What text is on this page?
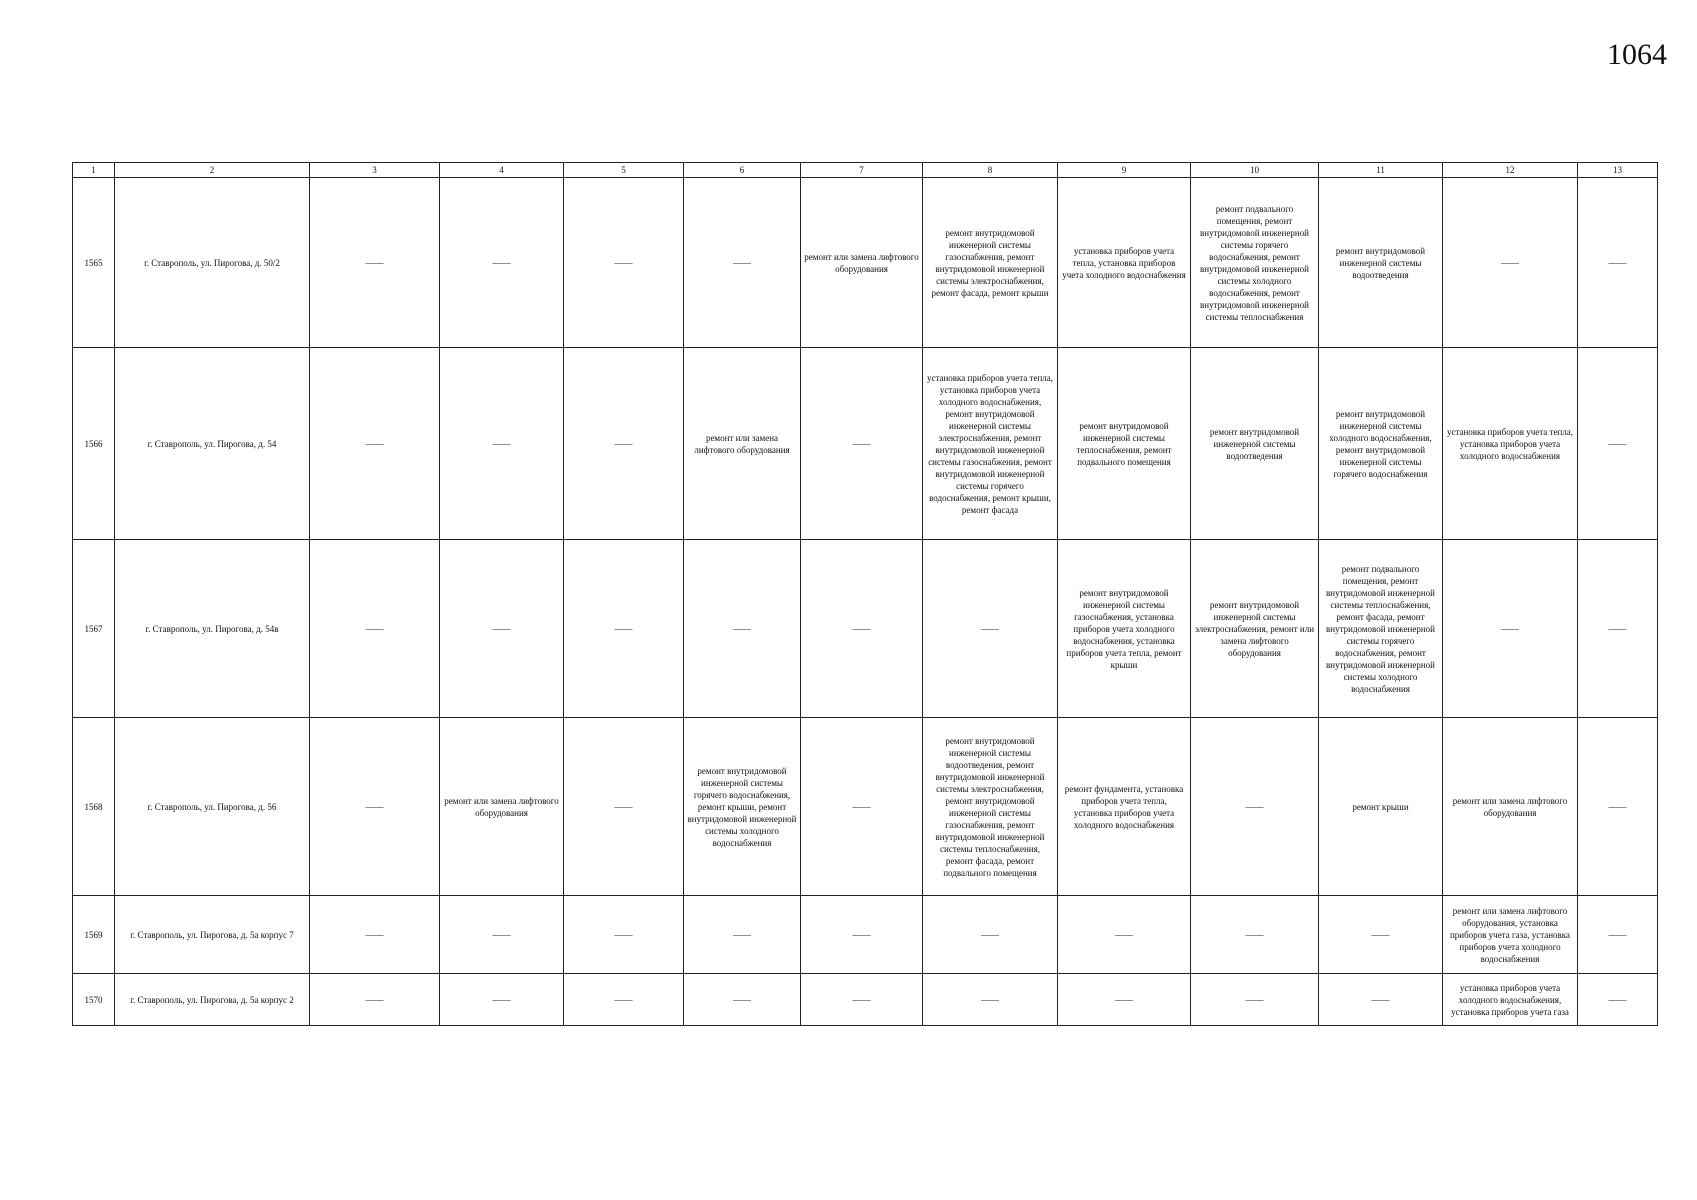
1064
1	2	3	4	5	6	7	8	9	10	11	12	13
1565	г. Ставрополь, ул. Пирогова, д. 50/2	——	——	——	——	ремонт или замена лифтового оборудования	ремонт внутридомовой инженерной системы газоснабжения, ремонт внутридомовой инженерной системы электроснабжения, ремонт фасада, ремонт крыши	установка приборов учета тепла, установка приборов учета холодного водоснабжения	ремонт подвального помещения, ремонт внутридомовой инженерной системы горячего водоснабжения, ремонт внутридомовой инженерной системы холодного водоснабжения, ремонт внутридомовой инженерной системы теплоснабжения	ремонт внутридомовой инженерной системы водоотведения	——	——
1566	г. Ставрополь, ул. Пирогова, д. 54	——	——	——	ремонт или замена лифтового оборудования	——	установка приборов учета тепла, установка приборов учета холодного водоснабжения, ремонт внутридомовой инженерной системы электроснабжения, ремонт внутридомовой инженерной системы газоснабжения, ремонт внутридомовой инженерной системы горячего водоснабжения, ремонт крыши, ремонт фасада	ремонт внутридомовой инженерной системы теплоснабжения, ремонт подвального помещения	ремонт внутридомовой инженерной системы водоотведения	ремонт внутридомовой инженерной системы холодного водоснабжения, ремонт внутридомовой инженерной системы горячего водоснабжения	установка приборов учета тепла, установка приборов учета холодного водоснабжения	——
1567	г. Ставрополь, ул. Пирогова, д. 54в	——	——	——	——	——	——	ремонт внутридомовой инженерной системы газоснабжения, установка приборов учета холодного водоснабжения, установка приборов учета тепла, ремонт крыши	ремонт внутридомовой инженерной системы электроснабжения, ремонт или замена лифтового оборудования	ремонт подвального помещения, ремонт внутридомовой инженерной системы теплоснабжения, ремонт фасада, ремонт внутридомовой инженерной системы горячего водоснабжения, ремонт внутридомовой инженерной системы холодного водоснабжения	——	——
1568	г. Ставрополь, ул. Пирогова, д. 56	——	ремонт или замена лифтового оборудования	——	ремонт внутридомовой инженерной системы горячего водоснабжения, ремонт крыши, ремонт внутридомовой инженерной системы холодного водоснабжения	——	ремонт внутридомовой инженерной системы водоотведения, ремонт внутридомовой инженерной системы электроснабжения, ремонт внутридомовой инженерной системы газоснабжения, ремонт внутридомовой инженерной системы теплоснабжения, ремонт фасада, ремонт подвального помещения	ремонт фундамента, установка приборов учета тепла, установка приборов учета холодного водоснабжения	——	ремонт крыши	ремонт или замена лифтового оборудования	——
1569	г. Ставрополь, ул. Пирогова, д. 5а корпус 7	——	——	——	——	——	——	——	——	——	ремонт или замена лифтового оборудования, установка приборов учета газа, установка приборов учета холодного водоснабжения	——
1570	г. Ставрополь, ул. Пирогова, д. 5а корпус 2	——	——	——	——	——	——	——	——	——	установка приборов учета холодного водоснабжения, установка приборов учета газа	——
